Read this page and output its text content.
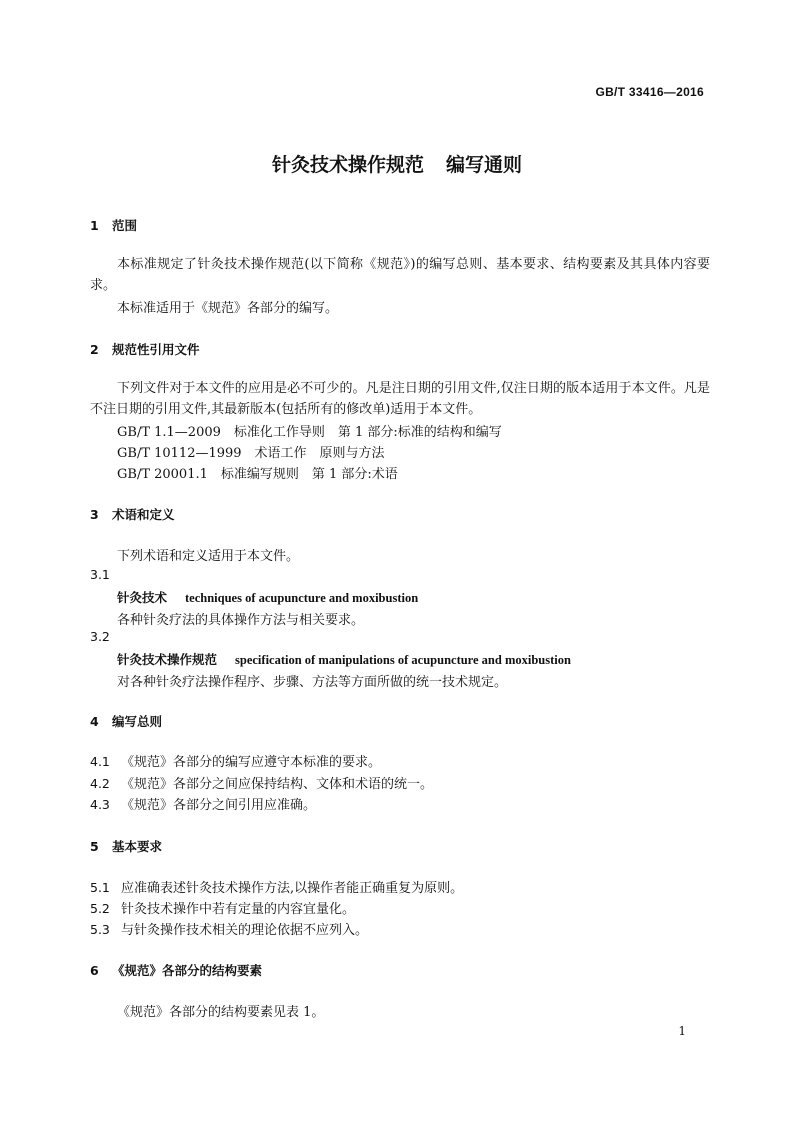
GB/T 33416—2016
针灸技术操作规范 编写通则
1 范围
本标准规定了针灸技术操作规范(以下简称《规范》)的编写总则、基本要求、结构要素及其具体内容要求。
本标准适用于《规范》各部分的编写。
2 规范性引用文件
下列文件对于本文件的应用是必不可少的。凡是注日期的引用文件,仅注日期的版本适用于本文件。凡是不注日期的引用文件,其最新版本(包括所有的修改单)适用于本文件。
GB/T 1.1—2009　标准化工作导则　第 1 部分:标准的结构和编写
GB/T 10112—1999　术语工作　原则与方法
GB/T 20001.1　标准编写规则　第 1 部分:术语
3 术语和定义
下列术语和定义适用于本文件。
3.1
针灸技术 techniques of acupuncture and moxibustion
各种针灸疗法的具体操作方法与相关要求。
3.2
针灸技术操作规范 specification of manipulations of acupuncture and moxibustion
对各种针灸疗法操作程序、步骤、方法等方面所做的统一技术规定。
4 编写总则
4.1 《规范》各部分的编写应遵守本标准的要求。
4.2 《规范》各部分之间应保持结构、文体和术语的统一。
4.3 《规范》各部分之间引用应准确。
5 基本要求
5.1 应准确表述针灸技术操作方法,以操作者能正确重复为原则。
5.2 针灸技术操作中若有定量的内容宜量化。
5.3 与针灸操作技术相关的理论依据不应列入。
6 《规范》各部分的结构要素
《规范》各部分的结构要素见表 1。
1
